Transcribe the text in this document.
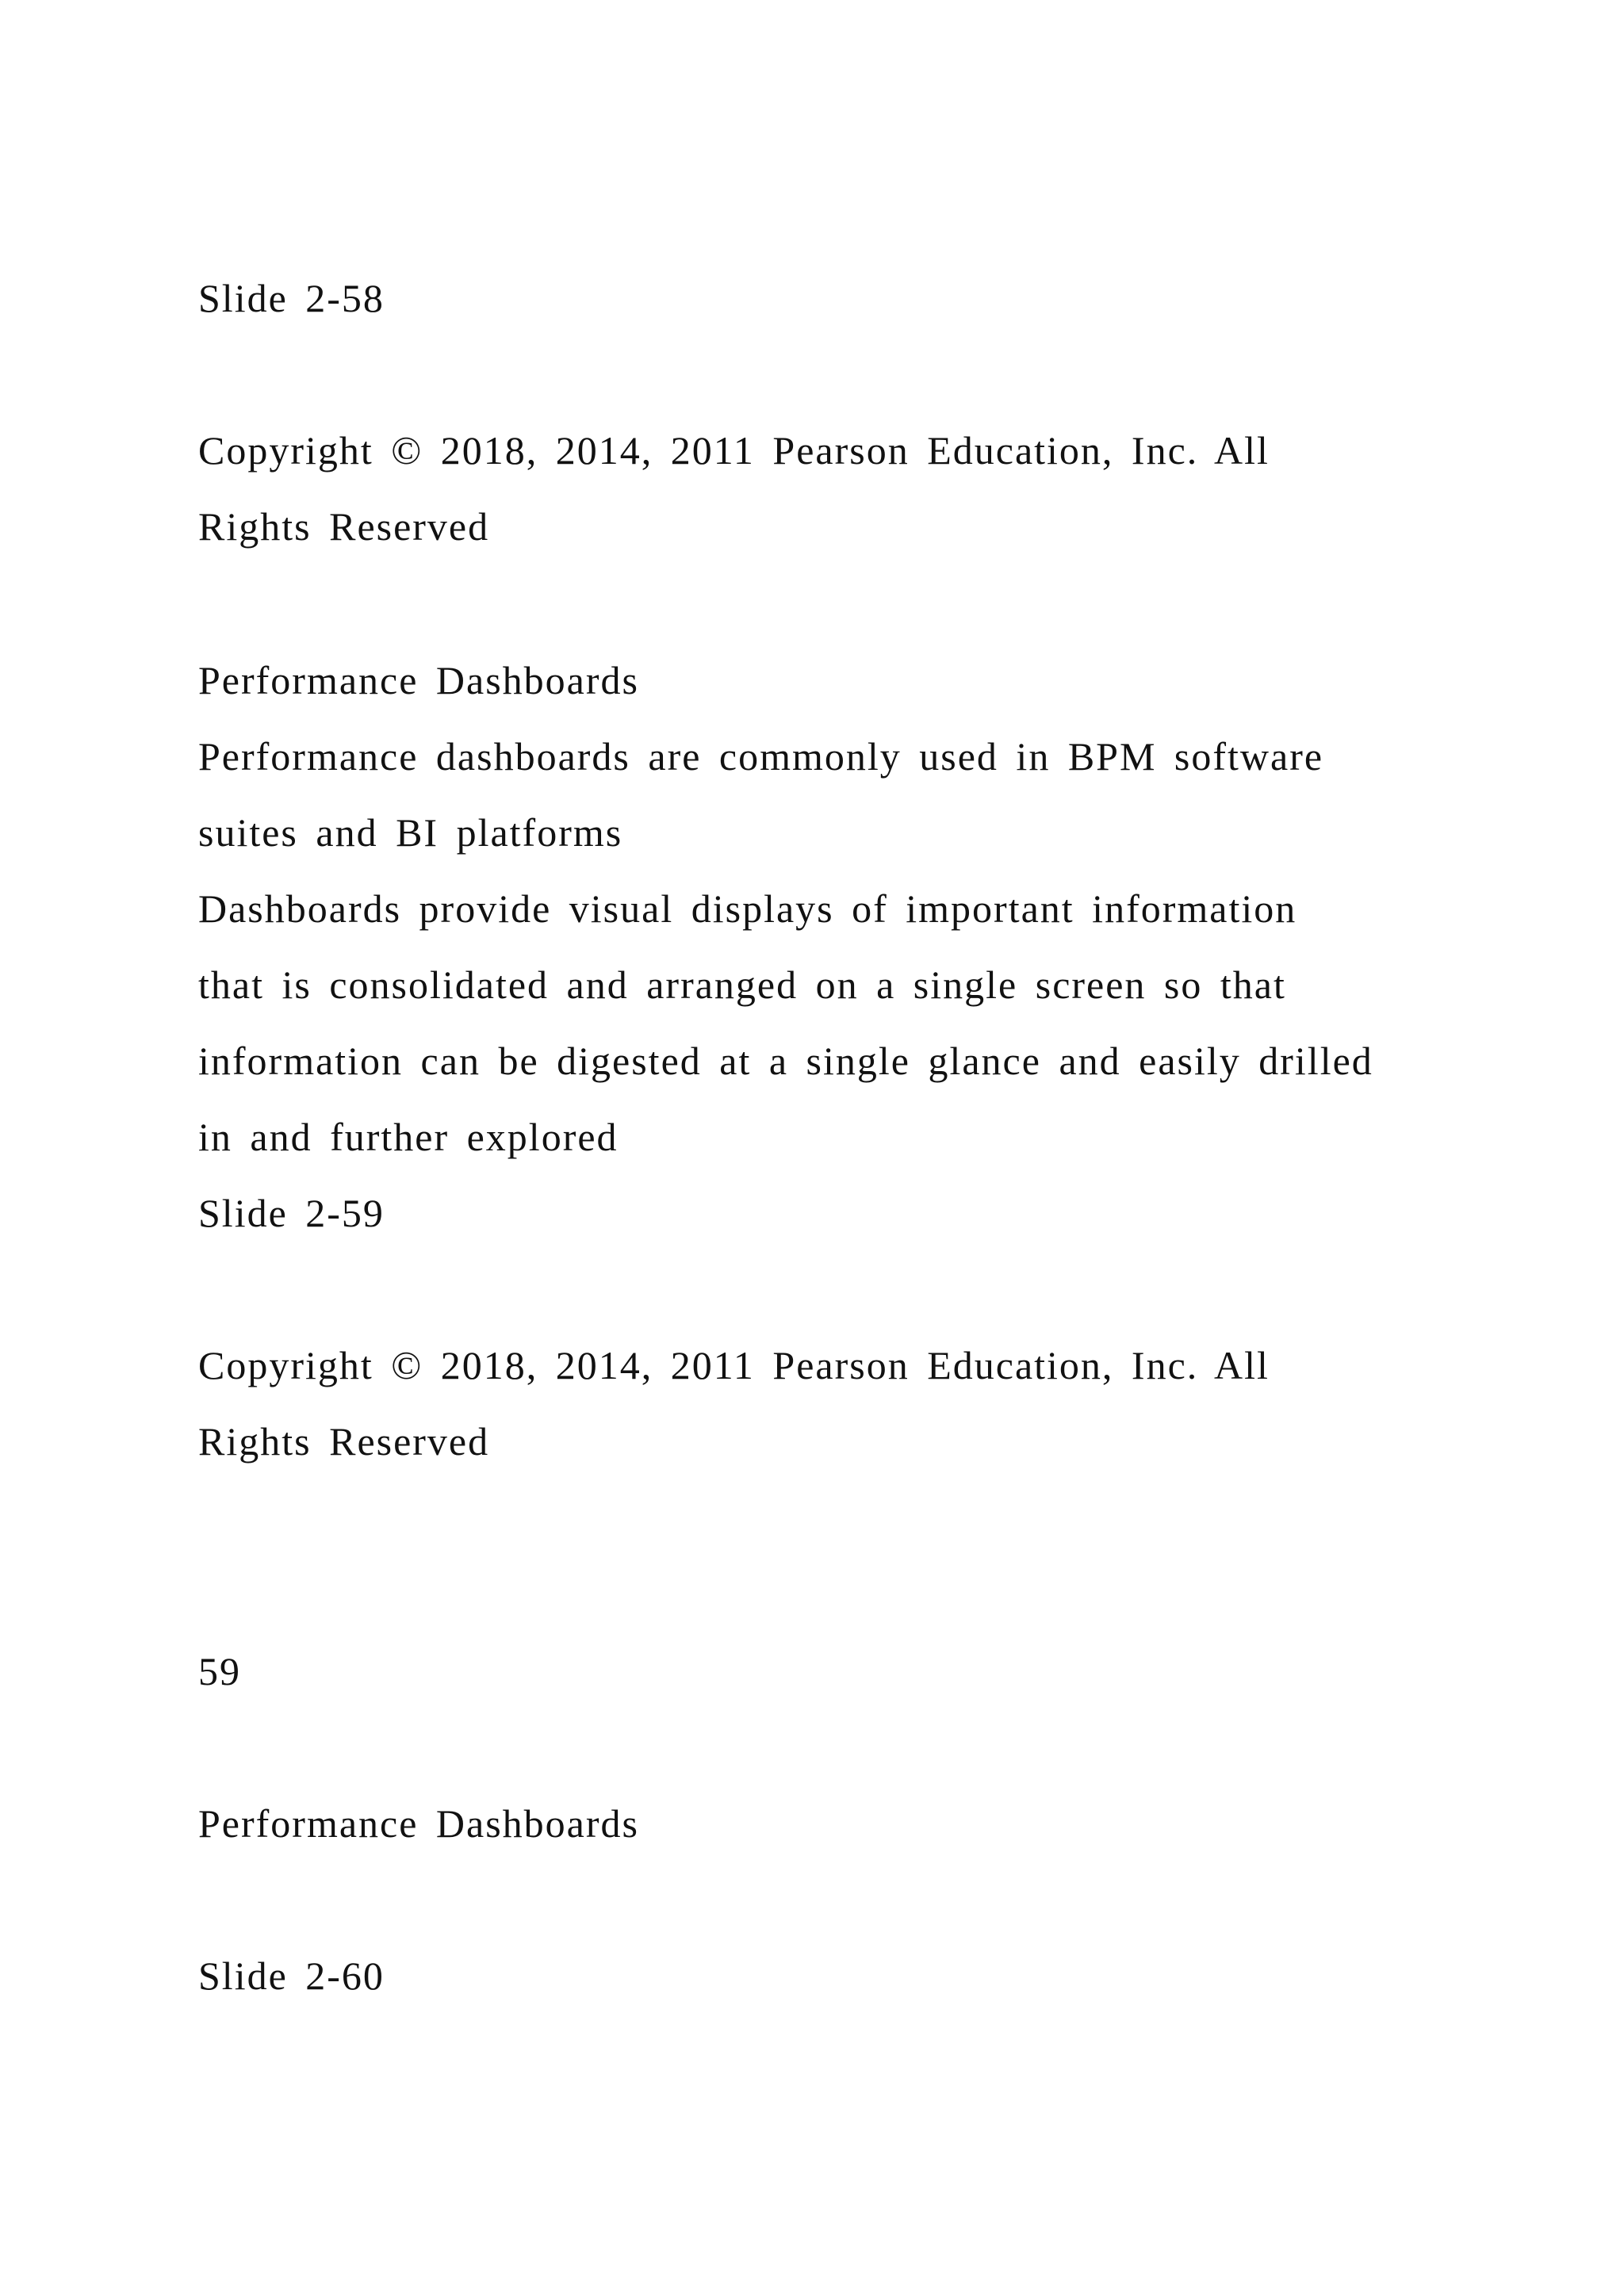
Slide 2-58
Copyright © 2018, 2014, 2011 Pearson Education, Inc. All
Rights Reserved
Performance Dashboards
Performance dashboards are commonly used in BPM software
suites and BI platforms
Dashboards provide visual displays of important information
that is consolidated and arranged on a single screen so that
information can be digested at a single glance and easily drilled
in and further explored
Slide 2-59
Copyright © 2018, 2014, 2011 Pearson Education, Inc. All
Rights Reserved
59
Performance Dashboards
Slide 2-60
